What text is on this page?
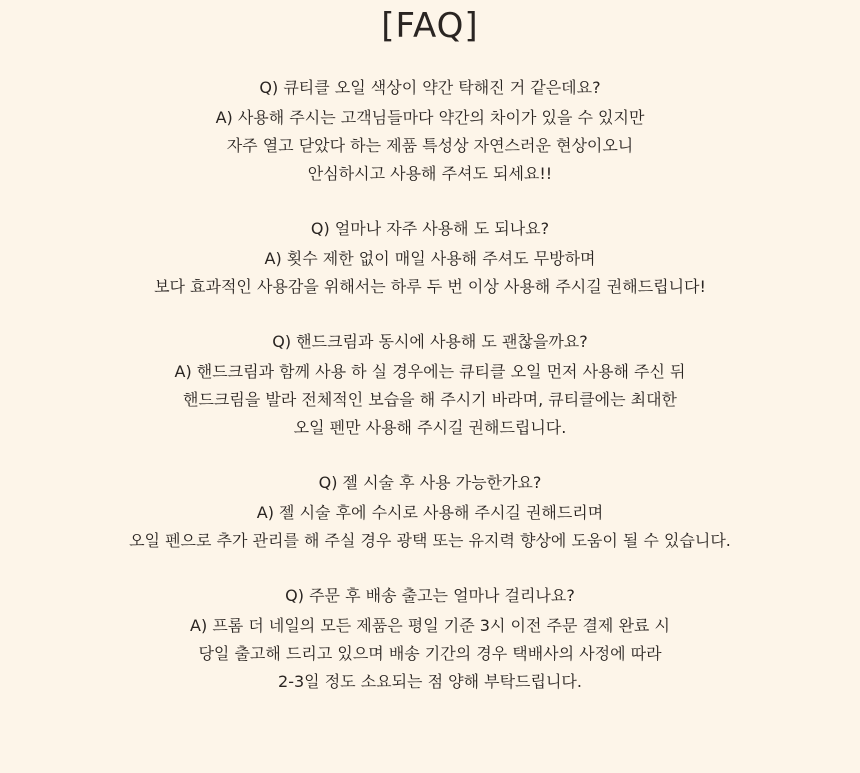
[FAQ]

Q) 큐티클 오일 색상이 약간 탁해진 거 같은데요?

A) 사용해 주시는 고객님들마다 약간의 차이가 있을 수 있지만

자주 열고 닫았다 하는 제품 특성상 자연스러운 현상이오니

안심하시고 사용해 주셔도 되세요!!

Q) 얼마나 자주 사용해 도 되나요?

A) 횟수 제한 없이 매일 사용해 주셔도 무방하며

보다 효과적인 사용감을 위해서는 하루 두 번 이상 사용해 주시길 권해드립니다!

Q) 핸드크림과 동시에 사용해 도 괜찮을까요?

A) 핸드크림과 함께 사용 하 실 경우에는 큐티클 오일 먼저 사용해 주신 뒤

핸드크림을 발라 전체적인 보습을 해 주시기 바라며, 큐티클에는 최대한

오일 펜만 사용해 주시길 권해드립니다.

Q) 젤 시술 후 사용 가능한가요?

A) 젤 시술 후에 수시로 사용해 주시길 권해드리며

오일 펜으로 추가 관리를 해 주실 경우 광택 또는 유지력 향상에 도움이 될 수 있습니다.

Q) 주문 후 배송 출고는 얼마나 걸리나요?

A) 프롬 더 네일의 모든 제품은 평일 기준 3시 이전 주문 결제 완료 시

당일 출고해 드리고 있으며 배송 기간의 경우 택배사의 사정에 따라

2-3일 정도 소요되는 점 양해 부탁드립니다.
